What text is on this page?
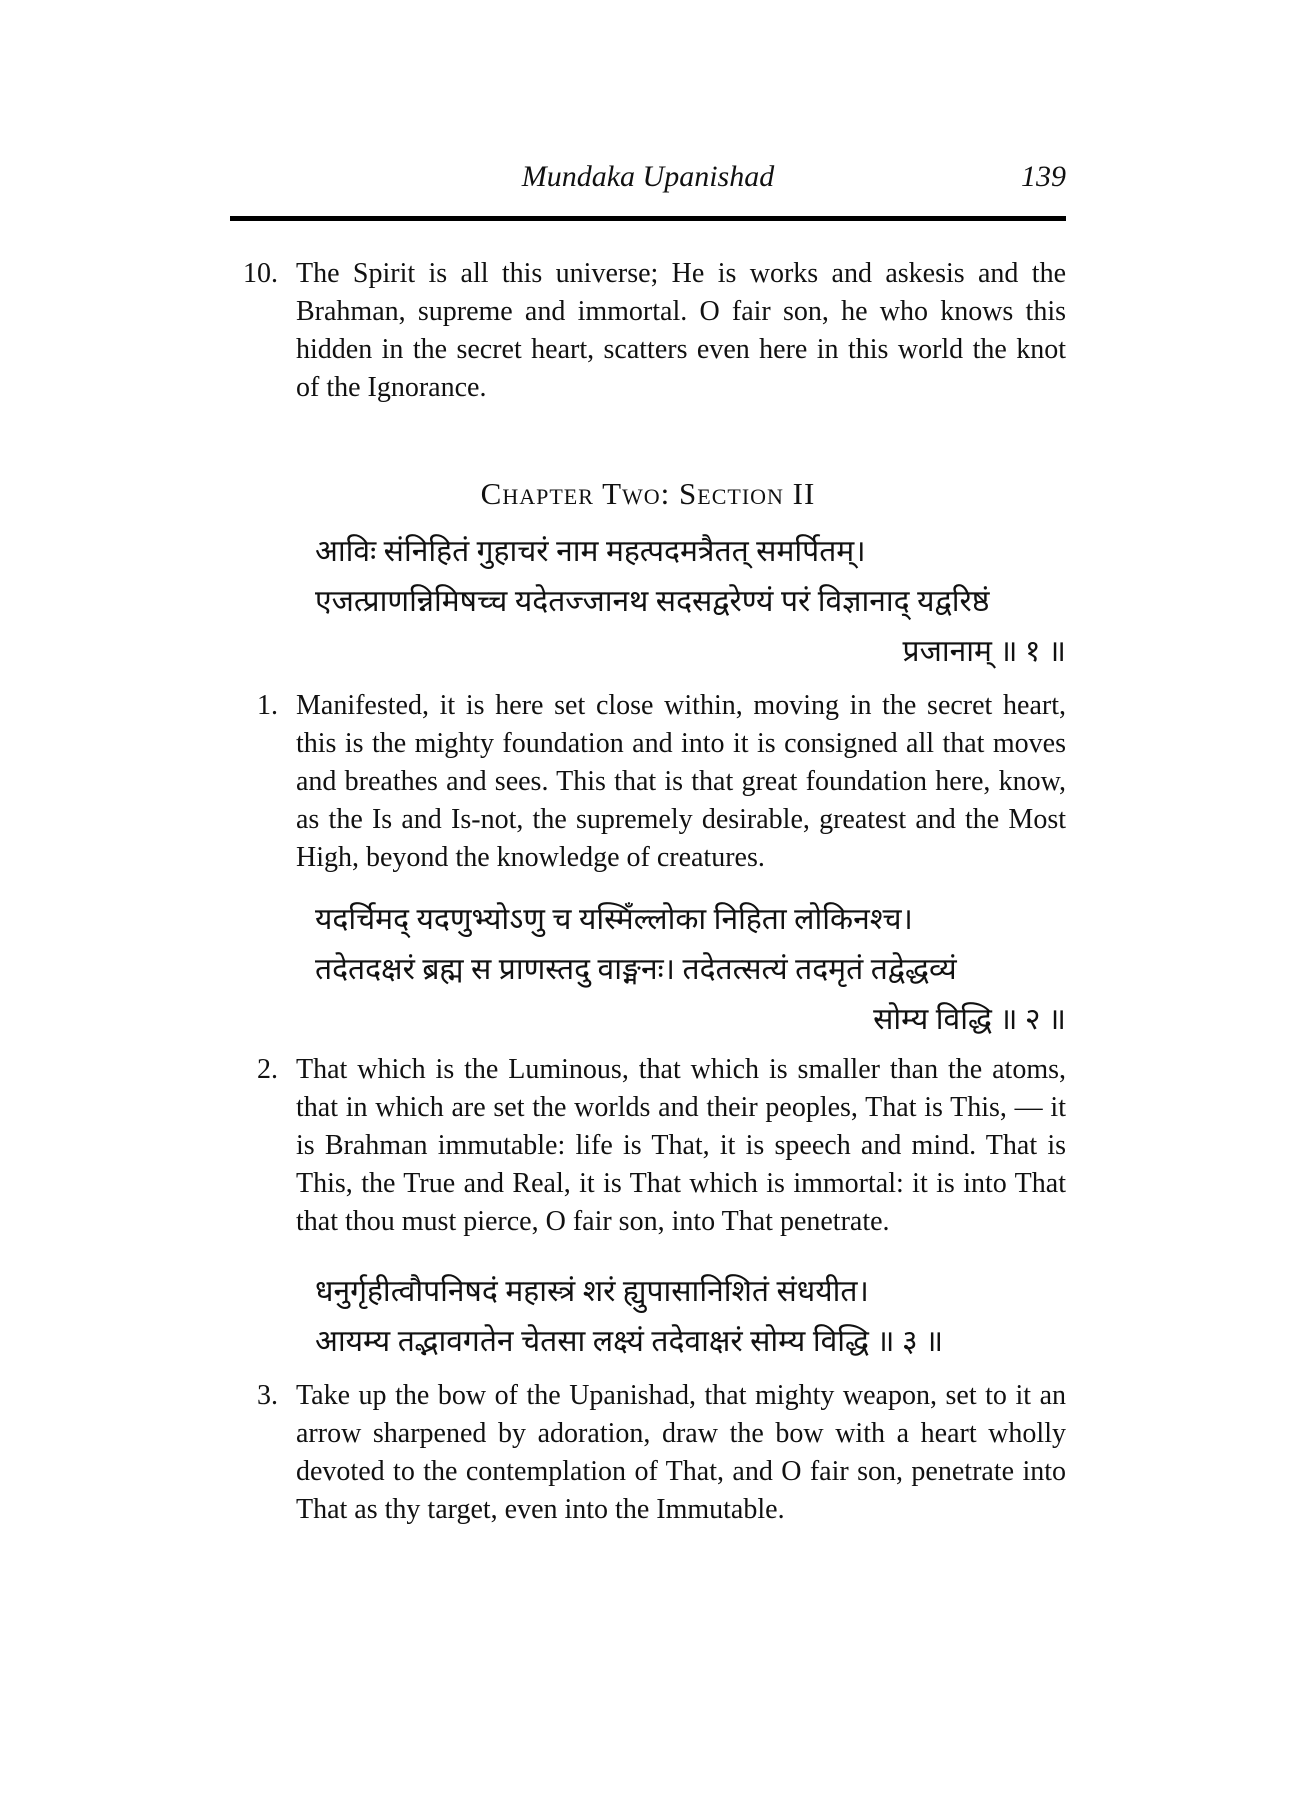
Mundaka Upanishad	139
10. The Spirit is all this universe; He is works and askesis and the Brahman, supreme and immortal. O fair son, he who knows this hidden in the secret heart, scatters even here in this world the knot of the Ignorance.
Chapter Two: Section II
आविः संनिहितं गुहाचरं नाम महत्पदमत्रैतत् समर्पितम्।
एजत्प्राणन्निमिषच्च यदेतज्जानथ सदसद्वरेण्यं परं विज्ञानाद् यद्वरिष्ठं
प्रजानाम् ॥ १ ॥
1. Manifested, it is here set close within, moving in the secret heart, this is the mighty foundation and into it is consigned all that moves and breathes and sees. This that is that great foundation here, know, as the Is and Is-not, the supremely desirable, greatest and the Most High, beyond the knowledge of creatures.
यदर्चिमद् यदणुभ्योऽणु च यस्मिँल्लोका निहिता लोकिनश्च।
तदेतदक्षरं ब्रह्म स प्राणस्तदु वाङ्मनः। तदेतत्सत्यं तदमृतं तद्वेद्धव्यं
सोम्य विद्धि ॥ २ ॥
2. That which is the Luminous, that which is smaller than the atoms, that in which are set the worlds and their peoples, That is This, — it is Brahman immutable: life is That, it is speech and mind. That is This, the True and Real, it is That which is immortal: it is into That that thou must pierce, O fair son, into That penetrate.
धनुर्गृहीत्वौपनिषदं महास्त्रं शरं ह्युपासानिशितं संधयीत।
आयम्य तद्भावगतेन चेतसा लक्ष्यं तदेवाक्षरं सोम्य विद्धि ॥ ३ ॥
3. Take up the bow of the Upanishad, that mighty weapon, set to it an arrow sharpened by adoration, draw the bow with a heart wholly devoted to the contemplation of That, and O fair son, penetrate into That as thy target, even into the Immutable.
